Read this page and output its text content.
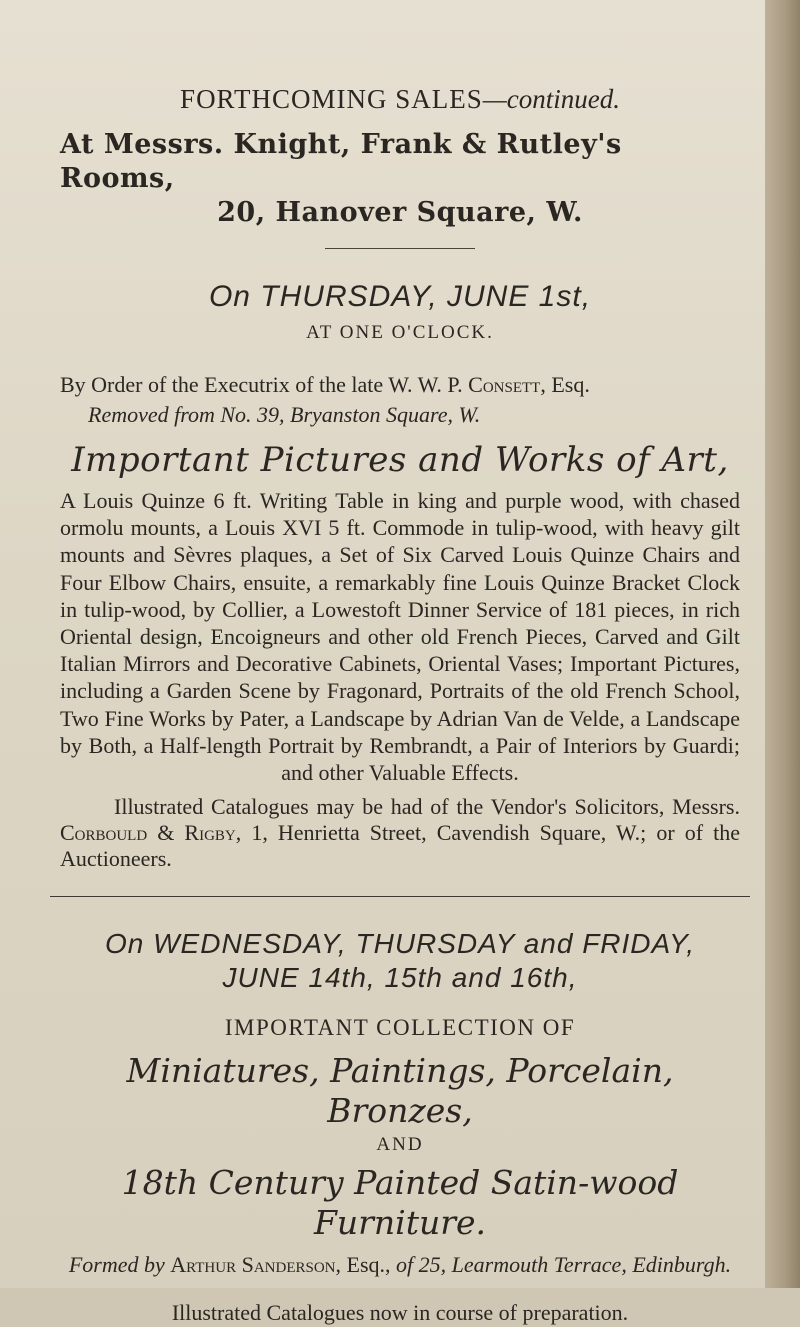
FORTHCOMING SALES—continued.

At Messrs. Knight, Frank & Rutley's Rooms,
20, Hanover Square, W.

On THURSDAY, JUNE 1st,

AT ONE O'CLOCK.

By Order of the Executrix of the late W. W. P. Consett, Esq.

Removed from No. 39, Bryanston Square, W.

Important Pictures and Works of Art,

A Louis Quinze 6 ft. Writing Table in king and purple wood, with chased ormolu mounts, a Louis XVI 5 ft. Commode in tulip-wood, with heavy gilt mounts and Sèvres plaques, a Set of Six Carved Louis Quinze Chairs and Four Elbow Chairs, ensuite, a remarkably fine Louis Quinze Bracket Clock in tulip-wood, by Collier, a Lowestoft Dinner Service of 181 pieces, in rich Oriental design, Encoigneurs and other old French Pieces, Carved and Gilt Italian Mirrors and Decorative Cabinets, Oriental Vases; Important Pictures, including a Garden Scene by Fragonard, Portraits of the old French School, Two Fine Works by Pater, a Landscape by Adrian Van de Velde, a Landscape by Both, a Half-length Portrait by Rembrandt, a Pair of Interiors by Guardi; and other Valuable Effects.

Illustrated Catalogues may be had of the Vendor's Solicitors, Messrs. Corbould & Rigby, 1, Henrietta Street, Cavendish Square, W.; or of the Auctioneers.

On WEDNESDAY, THURSDAY and FRIDAY,
JUNE 14th, 15th and 16th,

IMPORTANT COLLECTION OF

Miniatures, Paintings, Porcelain, Bronzes,

AND

18th Century Painted Satin-wood Furniture.

Formed by Arthur Sanderson, Esq., of 25, Learmouth Terrace, Edinburgh.

Illustrated Catalogues now in course of preparation.
